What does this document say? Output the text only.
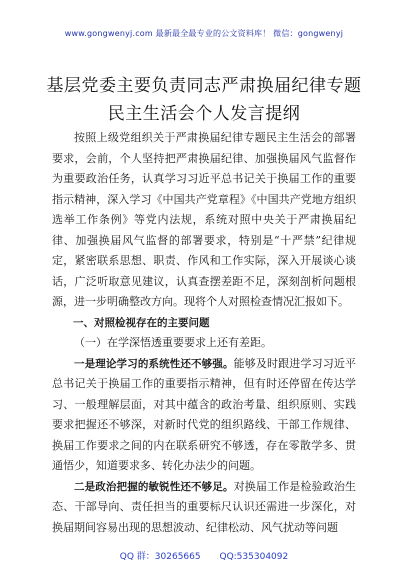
www.gongwenyj.com 最新最全最专业的公文资料库！ 微信：gongwenyj
基层党委主要负责同志严肃换届纪律专题民主生活会个人发言提纲

按照上级党组织关于严肃换届纪律专题民主生活会的部署要求，会前，个人坚持把严肃换届纪律、加强换届风气监督作为重要政治任务，认真学习习近平总书记关于换届工作的重要指示精神，深入学习《中国共产党章程》《中国共产党地方组织选举工作条例》等党内法规，系统对照中央关于严肃换届纪律、加强换届风气监督的部署要求，特别是“十严禁”纪律规定，紧密联系思想、职责、作风和工作实际，深入开展谈心谈话，广泛听取意见建议，认真查摆差距不足，深刻剖析问题根源，进一步明确整改方向。现将个人对照检查情况汇报如下。

一、对照检视存在的主要问题

（一）在学深悟透重要要求上还有差距。

一是理论学习的系统性还不够强。能够及时跟进学习习近平总书记关于换届工作的重要指示精神，但有时还停留在传达学习、一般理解层面，对其中蕴含的政治考量、组织原则、实践要求把握还不够深，对新时代党的组织路线、干部工作规律、换届工作要求之间的内在联系研究不够透，存在零散学多、贯通悟少，知道要求多、转化办法少的问题。

二是政治把握的敏锐性还不够足。对换届工作是检验政治生态、干部导向、责任担当的重要标尺认识还需进一步深化，对换届期间容易出现的思想波动、纪律松动、风气扰动等问题

QQ 群：30265665 QQ:535304092
